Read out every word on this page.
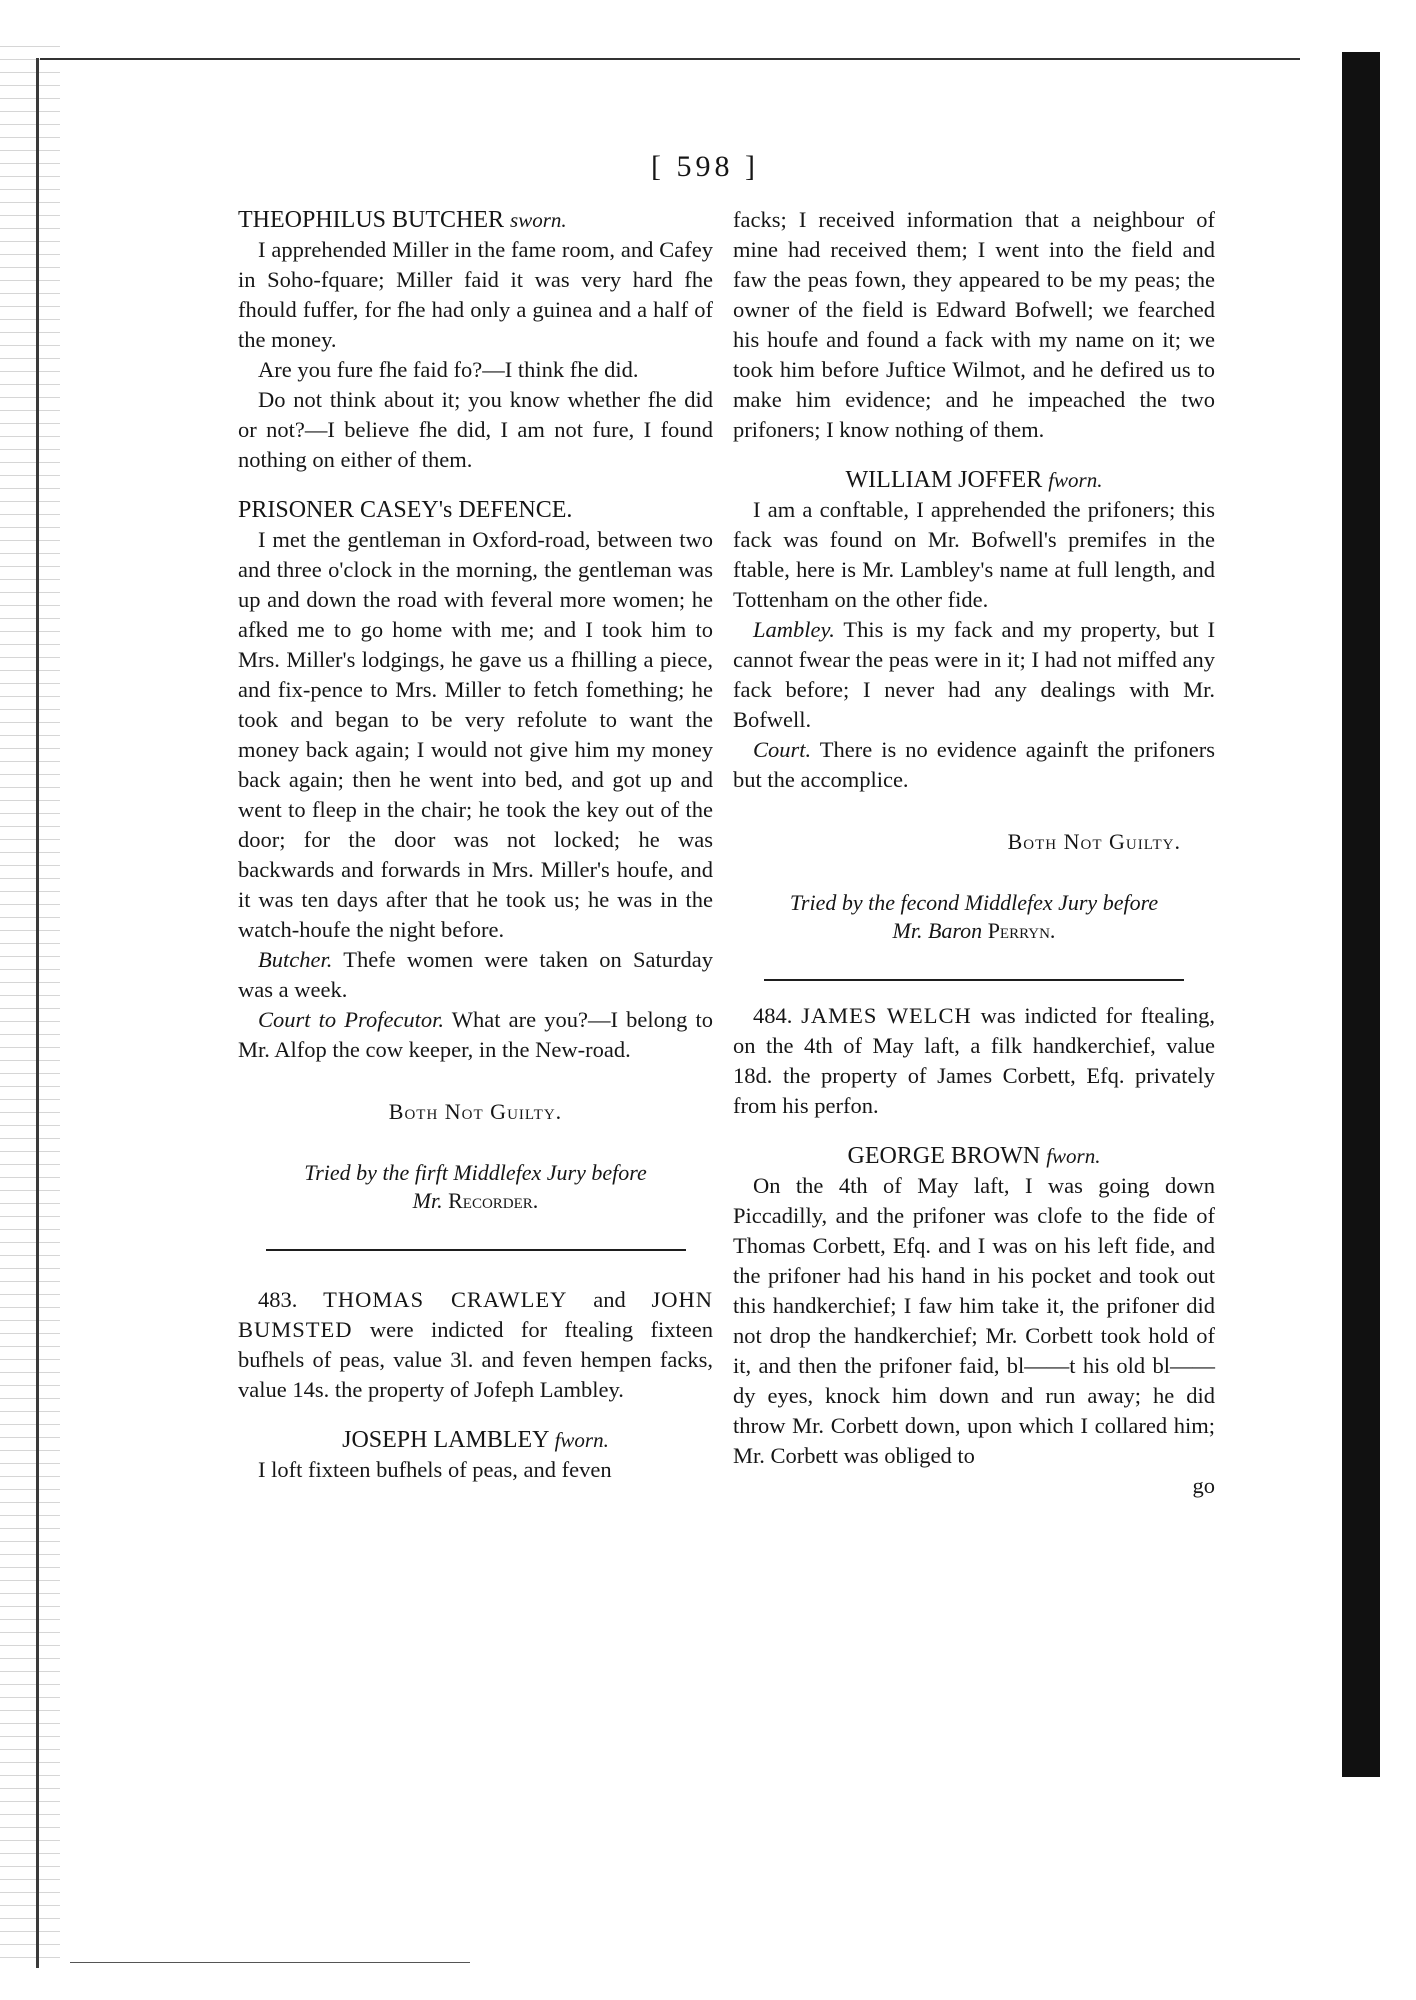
[ 598 ]

THEOPHILUS BUTCHER sworn.

I apprehended Miller in the fame room, and Cafey in Soho-fquare; Miller faid it was very hard fhe fhould fuffer, for fhe had only a guinea and a half of the money.

Are you fure fhe faid fo?—I think fhe did.

Do not think about it; you know whether fhe did or not?—I believe fhe did, I am not fure, I found nothing on either of them.

PRISONER CASEY's DEFENCE.

I met the gentleman in Oxford-road, between two and three o'clock in the morning, the gentleman was up and down the road with feveral more women; he afked me to go home with me; and I took him to Mrs. Miller's lodgings, he gave us a fhilling a piece, and fix-pence to Mrs. Miller to fetch fomething; he took and began to be very refolute to want the money back again; I would not give him my money back again; then he went into bed, and got up and went to fleep in the chair; he took the key out of the door; for the door was not locked; he was backwards and forwards in Mrs. Miller's houfe, and it was ten days after that he took us; he was in the watch-houfe the night before.

Butcher. Thefe women were taken on Saturday was a week.

Court to Profecutor. What are you?—I belong to Mr. Alfop the cow keeper, in the New-road.

Both Not Guilty.

Tried by the firft Middlefex Jury before

Mr. Recorder.

483. THOMAS CRAWLEY and JOHN BUMSTED were indicted for ftealing fixteen bufhels of peas, value 3l. and feven hempen facks, value 14s. the property of Jofeph Lambley.

JOSEPH LAMBLEY fworn.

I loft fixteen bufhels of peas, and feven

facks; I received information that a neighbour of mine had received them; I went into the field and faw the peas fown, they appeared to be my peas; the owner of the field is Edward Bofwell; we fearched his houfe and found a fack with my name on it; we took him before Juftice Wilmot, and he defired us to make him evidence; and he impeached the two prifoners; I know nothing of them.

WILLIAM JOFFER fworn.

I am a conftable, I apprehended the prifoners; this fack was found on Mr. Bofwell's premifes in the ftable, here is Mr. Lambley's name at full length, and Tottenham on the other fide.

Lambley. This is my fack and my property, but I cannot fwear the peas were in it; I had not miffed any fack before; I never had any dealings with Mr. Bofwell.

Court. There is no evidence againft the prifoners but the accomplice.

Both Not Guilty.

Tried by the fecond Middlefex Jury before

Mr. Baron Perryn.

484. JAMES WELCH was indicted for ftealing, on the 4th of May laft, a filk handkerchief, value 18d. the property of James Corbett, Efq. privately from his perfon.

GEORGE BROWN fworn.

On the 4th of May laft, I was going down Piccadilly, and the prifoner was clofe to the fide of Thomas Corbett, Efq. and I was on his left fide, and the prifoner had his hand in his pocket and took out this handkerchief; I faw him take it, the prifoner did not drop the handkerchief; Mr. Corbett took hold of it, and then the prifoner faid, bl——t his old bl——dy eyes, knock him down and run away; he did throw Mr. Corbett down, upon which I collared him; Mr. Corbett was obliged to

go
